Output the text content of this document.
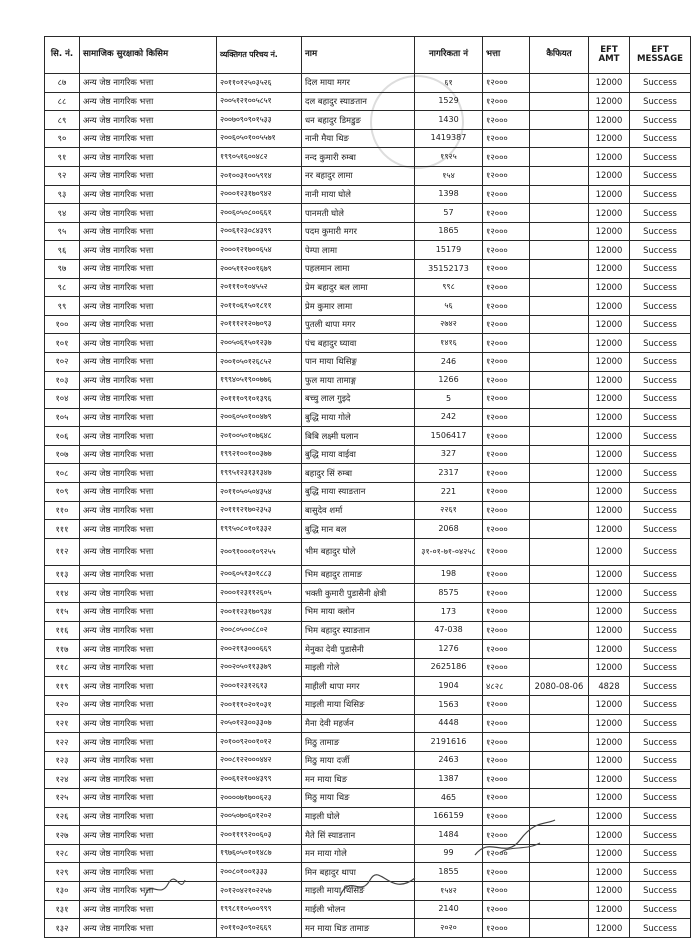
सि. नं.	सामाजिक सुरक्षाको किसिम	व्यक्तिगत परिचय नं.	नाम	नागरिकता नं	भत्ता	कैफियत	EFT AMT	EFT MESSAGE
८७	अन्य जेष्ठ नागरिक भत्ता	२०११०१२५०३५२६	दिल माया मगर	६१	१२०००		12000	Success
८८	अन्य जेष्ठ नागरिक भत्ता	२००५१२१००५८५१	दल बहादुर स्याङतान	1529	१२०००		12000	Success
८९	अन्य जेष्ठ नागरिक भत्ता	२००७०९०९०१५३३	धन बहादुर डिमडुङ	1430	१२०००		12000	Success
९०	अन्य जेष्ठ नागरिक भत्ता	२००६०५०१००५५७१	नानी मैया थिङ	1419387	१२०००		12000	Success
९१	अन्य जेष्ठ नागरिक भत्ता	१९९०५१६००४८२	नन्द कुमारी रुम्बा	१९२५	१२०००		12000	Success
९२	अन्य जेष्ठ नागरिक भत्ता	२०१००३१००५९१४	नर बहादुर लामा	१५४	१२०००		12000	Success
९३	अन्य जेष्ठ नागरिक भत्ता	२०००१२३१७०९४२	नानी माया घोले	1398	१२०००		12000	Success
९४	अन्य जेष्ठ नागरिक भत्ता	२००६०५०८००६६१	पानमती घोले	57	१२०००		12000	Success
९५	अन्य जेष्ठ नागरिक भत्ता	२००६१२३०८४३९९	पदम कुमारी मगर	1865	१२०००		12000	Success
९६	अन्य जेष्ठ नागरिक भत्ता	२०००१२१७००६५४	पेम्पा लामा	15179	१२०००		12000	Success
९७	अन्य जेष्ठ नागरिक भत्ता	२००५११२००१६७९	पहलमान लामा	35152173	१२०००		12000	Success
९८	अन्य जेष्ठ नागरिक भत्ता	२०१११०१०४५५२	प्रेम बहादुर बल लामा	९९८	१२०००		12000	Success
९९	अन्य जेष्ठ नागरिक भत्ता	२०११०६१५०१८११	प्रेम कुमार लामा	५६	१२०००		12000	Success
१००	अन्य जेष्ठ नागरिक भत्ता	२०१११२१२०७०९३	पुतली थापा मगर	२७४२	१२०००		12000	Success
१०१	अन्य जेष्ठ नागरिक भत्ता	२००५०६१५०१२३७	पंच बहादुर घ्यावा	१४१६	१२०००		12000	Success
१०२	अन्य जेष्ठ नागरिक भत्ता	२००१०५०१२६८५२	पान माया थिसिङ्ग	246	१२०००		12000	Success
१०३	अन्य जेष्ठ नागरिक भत्ता	१९९४०५१९००७७६	फुल माया तामाङ्ग	1266	१२०००		12000	Success
१०४	अन्य जेष्ठ नागरिक भत्ता	२०१११०९१०१३९६	बच्चु लाल गुइदे	5	१२०००		12000	Success
१०५	अन्य जेष्ठ नागरिक भत्ता	२००६०५०१००४७९	बुद्धि माया गोले	242	१२०००		12000	Success
१०६	अन्य जेष्ठ नागरिक भत्ता	२०१००५०१०७६४८	बिबि लक्ष्मी घलान	1506417	१२०००		12000	Success
१०७	अन्य जेष्ठ नागरिक भत्ता	१९९२१००१००३७७	बुद्धि माया वाईवा	327	१२०००		12000	Success
१०८	अन्य जेष्ठ नागरिक भत्ता	१९९५१२३१३१३४७	बहादुर सिं रुम्बा	2317	१२०००		12000	Success
१०९	अन्य जेष्ठ नागरिक भत्ता	२०११०५०५०४३५४	बुद्धि माया स्याङतान	221	१२०००		12000	Success
११०	अन्य जेष्ठ नागरिक भत्ता	२०१११२१७०२३५३	बासुदेव शर्मा	२२६१	१२०००		12000	Success
१११	अन्य जेष्ठ नागरिक भत्ता	१९९५०८०१०१३३२	बुद्धि मान बल	2068	१२०००		12000	Success
११२	अन्य जेष्ठ नागरिक भत्ता	२००९१०००१०९२५५	भीम बहादुर घोले	३१-०१-७१-०४२५८	१२०००		12000	Success
११३	अन्य जेष्ठ नागरिक भत्ता	२००६०५१३०१८८३	भिम बहादुर तामाङ	198	१२०००		12000	Success
११४	अन्य जेष्ठ नागरिक भत्ता	२०००१२३११२६०५	भक्ती कुमारी पुडासैनी क्षेत्री	8575	१२०००		12000	Success
११५	अन्य जेष्ठ नागरिक भत्ता	२००११२३१७०९३४	भिम माया क्लोन	173	१२०००		12000	Success
११६	अन्य जेष्ठ नागरिक भत्ता	२००८०५००८८०२	भिम बहादुर स्याङतान	47-038	१२०००		12000	Success
११७	अन्य जेष्ठ नागरिक भत्ता	२००२११३०००६६९	मेनुका देवी पुडासैनी	1276	१२०००		12000	Success
११८	अन्य जेष्ठ नागरिक भत्ता	२००२०५०११३३७९	माइली गोले	2625186	१२०००		12000	Success
११९	अन्य जेष्ठ नागरिक भत्ता	२०००१२३१२६१३	माहीली थापा मगर	1904	४८२८	2080-08-06	4828	Success
१२०	अन्य जेष्ठ नागरिक भत्ता	२००१११०२०१०३१	माइली माया थिसिङ	1563	१२०००		12000	Success
१२१	अन्य जेष्ठ नागरिक भत्ता	२०५०१२३००३३०७	मैना देवी महर्जन	4448	१२०००		12000	Success
१२२	अन्य जेष्ठ नागरिक भत्ता	२०१००९२००१०१२	मिठु तामाङ	2191616	१२०००		12000	Success
१२३	अन्य जेष्ठ नागरिक भत्ता	२००८१२२०००४४२	मिठु माया दर्जी	2463	१२०००		12000	Success
१२४	अन्य जेष्ठ नागरिक भत्ता	२००६१२१००४३९९	मन माया थिङ	1387	१२०००		12000	Success
१२५	अन्य जेष्ठ नागरिक भत्ता	२००००७१७००६२३	मिठु माया थिङ	465	१२०००		12000	Success
१२६	अन्य जेष्ठ नागरिक भत्ता	२००५०७०६०१२०२	माइली घोले	166159	१२०००		12000	Success
१२७	अन्य जेष्ठ नागरिक भत्ता	२००१११९२००६०३	मैते सिं स्याङतान	1484	१२०००		12000	Success
१२८	अन्य जेष्ठ नागरिक भत्ता	१९७६०५०१०१४८७	मन माया गोले	99	१२०००		12000	Success
१२९	अन्य जेष्ठ नागरिक भत्ता	२००८०१००१३३३	मिन बहादुर थापा	1855	१२०००		12000	Success
१३०	अन्य जेष्ठ नागरिक भत्ता	२०१२०४२१०२२५७	माइली माया थिसिङ	१५४२	१२०००		12000	Success
१३१	अन्य जेष्ठ नागरिक भत्ता	१९९८११०५००९९९	माईली भोलन	2140	१२०००		12000	Success
१३२	अन्य जेष्ठ नागरिक भत्ता	२०११०३०९०२६६९	मन माया थिङ तामाङ	२०२०	१२०००		12000	Success
